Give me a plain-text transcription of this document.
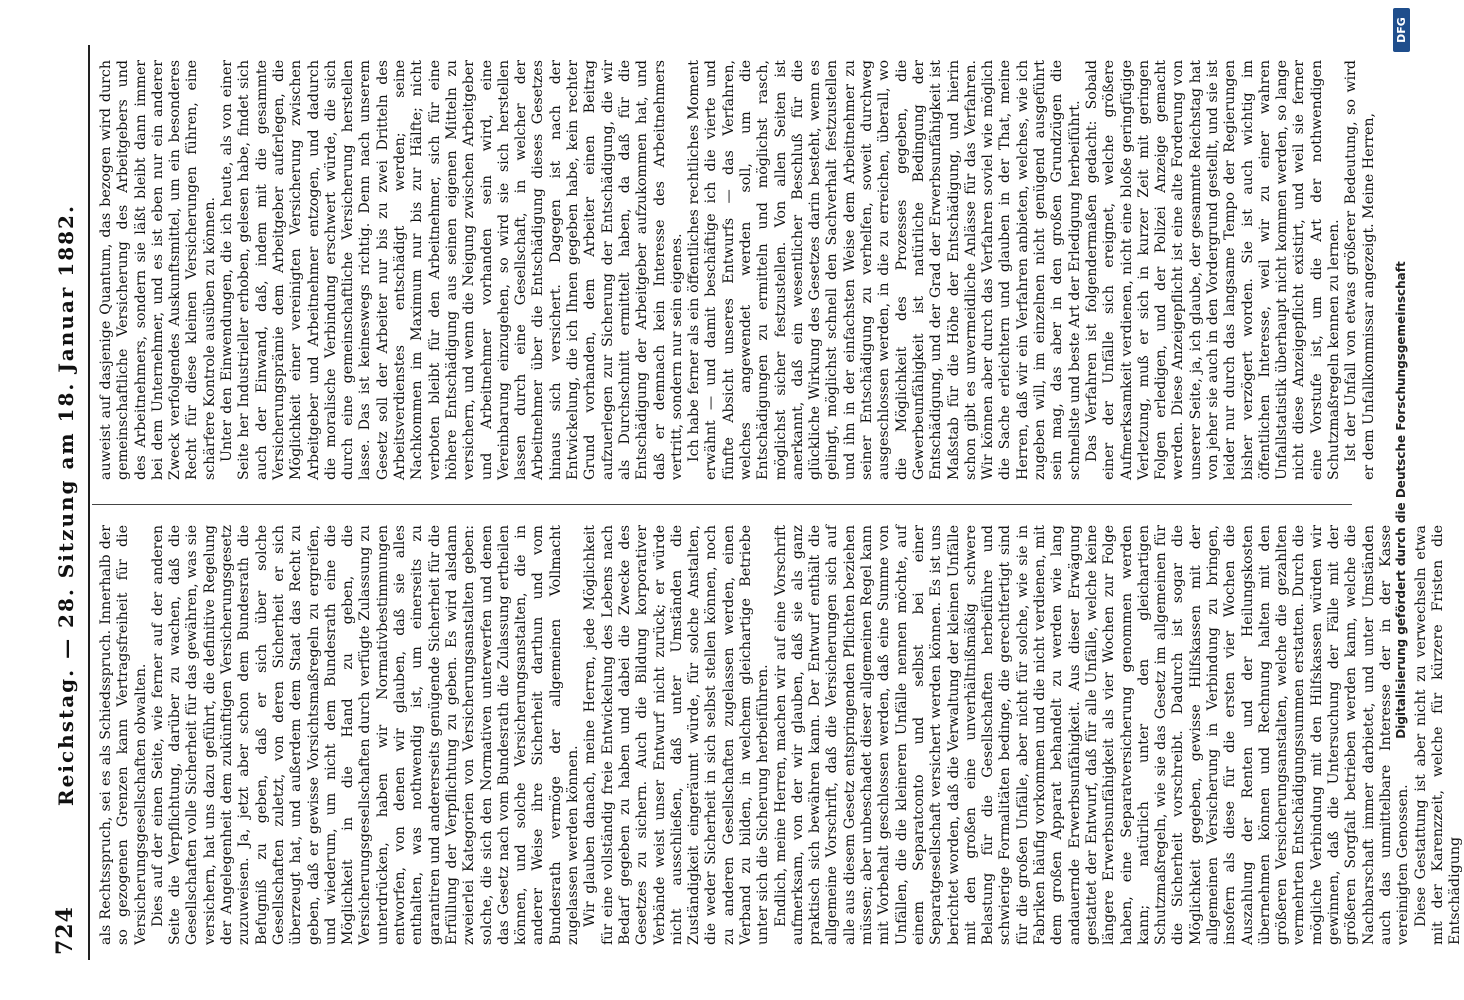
724
Reichstag. — 28. Sitzung am 18. Januar 1882. als Rechtsspruch, sei es als Schiedsspruch. Innerhalb der so gezogenen Grenzen kann Vertragsfreiheit für die Versicherungsgesellschaften obwalten. Dies auf der einen Seite, wie ferner auf der anderen Seite die Verpflichtung, darüber zu wachen, daß die Gesellschaften volle Sicherheit für das gewähren, was sie versichern, hat uns dazu geführt, die definitive Regelung der Angelegenheit dem zukünftigen Versicherungsgesetz zuzuweisen. Ja, jetzt aber schon dem Bundesrath die Befugniß zu geben, daß er sich über solche Gesellschaften zuletzt, von deren Sicherheit er sich überzeugt hat, und außerdem dem Staat das Recht zu geben, daß er gewisse Vorsichtsmaßregeln zu ergreifen, und wiederum, um nicht dem Bundesrath eine die Möglichkeit in die Hand zu geben, die Versicherungsgesellschaften durch verfügte Zulassung zu unterdrücken, haben wir Normativbestimmungen entworfen, von denen wir glauben, daß sie alles enthalten, was nothwendig ist, um einerseits zu garantiren und andererseits genügende Sicherheit für die Erfüllung der Verpflichtung zu geben. Es wird alsdann zweierlei Kategorien von Versicherungsanstalten geben: solche, die sich den Normativen unterwerfen und denen das Gesetz nach vom Bundesrath die Zulassung ertheilen können, und solche Versicherungsanstalten, die in anderer Weise ihre Sicherheit darthun und vom Bundesrath vermöge der allgemeinen Vollmacht zugelassen werden können. Wir glauben danach, meine Herren, jede Möglichkeit für eine vollständig freie Entwickelung des Lebens nach Bedarf gegeben zu haben und dabei die Zwecke des Gesetzes zu sichern. Auch die Bildung korporativer Verbände weist unser Entwurf nicht zurück; er würde nicht ausschließen, daß unter Umständen die Zuständigkeit eingeräumt würde, für solche Anstalten, die weder Sicherheit in sich selbst stellen können, noch zu anderen Gesellschaften zugelassen werden, einen Verband zu bilden, in welchem gleichartige Betriebe unter sich die Sicherung herbeiführen. Endlich, meine Herren, machen wir auf eine Vorschrift aufmerksam, von der wir glauben, daß sie als ganz praktisch sich bewähren kann. Der Entwurf enthält die allgemeine Vorschrift, daß die Versicherungen sich auf alle aus diesem Gesetz entspringenden Pflichten beziehen müssen; aber unbeschadet dieser allgemeinen Regel kann mit Vorbehalt geschlossen werden, daß eine Summe von Unfällen, die die kleineren Unfälle nennen möchte, auf einem Separatconto und selbst bei einer Separatgesellschaft versichert werden können. Es ist uns berichtet worden, daß die Verwaltung der kleinen Unfälle mit den großen eine unverhältnißmäßig schwere Belastung für die Gesellschaften herbeiführe und schwierige Formalitäten bedinge, die gerechtfertigt sind für die großen Unfälle, aber nicht für solche, wie sie in Fabriken häufig vorkommen und die nicht verdienen, mit dem großen Apparat behandelt zu werden wie lang andauernde Erwerbsunfähigkeit. Aus dieser Erwägung gestattet der Entwurf, daß für alle Unfälle, welche keine längere Erwerbsunfähigkeit als vier Wochen zur Folge haben, eine Separatversicherung genommen werden kann; natürlich unter den gleichartigen Schutzmaßregeln, wie sie das Gesetz im allgemeinen für die Sicherheit vorschreibt. Dadurch ist sogar die Möglichkeit gegeben, gewisse Hilfskassen mit der allgemeinen Versicherung in Verbindung zu bringen, insofern als diese für die ersten vier Wochen die Auszahlung der Renten und der Heilungskosten übernehmen können und Rechnung halten mit den größeren Versicherungsanstalten, welche die gezahlten vermehrten Entschädigungssummen erstatten. Durch die mögliche Verbindung mit den Hilfskassen würden wir gewinnen, daß die Untersuchung der Fälle mit der größeren Sorgfalt betrieben werden kann, welche die Nachbarschaft immer darbietet, und unter Umständen auch das unmittelbare Interesse der in der Kasse vereinigten Genossen. Diese Gestattung ist aber nicht zu verwechseln etwa mit der Karenzzeit, welche für kürzere Fristen die Entschädigung

auweist auf dasjenige Quantum, das bezogen wird durch gemeinschaftliche Versicherung des Arbeitgebers und des Arbeitnehmers, sondern sie läßt bleibt dann immer bei dem Unternehmer, und es ist eben nur ein anderer Zweck verfolgendes Auskunftsmittel, um ein besonderes Recht für diese kleinen Versicherungen führen, eine schärfere Kontrole ausüben zu können. Unter den Einwendungen, die ich heute, als von einer Seite her Industrieller erhoben, gelesen habe, findet sich auch der Einwand, daß, indem mit die gesammte Versicherungsprämie dem Arbeitgeber auferlegen, die Möglichkeit einer vereinigten Versicherung zwischen Arbeitgeber und Arbeitnehmer entzogen, und dadurch die moralische Verbindung erschwert würde, die sich durch eine gemeinschaftliche Versicherung herstellen lasse. Das ist keineswegs richtig. Denn nach unserem Gesetz soll der Arbeiter nur bis zu zwei Dritteln des Arbeitsverdienstes entschädigt werden; seine Nachkommen im Maximum nur bis zur Hälfte; nicht verboten bleibt für den Arbeitnehmer, sich für eine höhere Entschädigung aus seinen eigenen Mitteln zu versichern, und wenn die Neigung zwischen Arbeitgeber und Arbeitnehmer vorhanden sein wird, eine Vereinbarung einzugehen, so wird sie sich herstellen lassen durch eine Gesellschaft, in welcher der Arbeitnehmer über die Entschädigung dieses Gesetzes hinaus sich versichert. Dagegen ist nach der Entwickelung, die ich Ihnen gegeben habe, kein rechter Grund vorhanden, dem Arbeiter einen Beitrag aufzuerlegen zur Sicherung der Entschädigung, die wir als Durchschnitt ermittelt haben, da daß für die Entschädigung der Arbeitgeber aufzukommen hat, und daß er demnach kein Interesse des Arbeitnehmers vertritt, sondern nur sein eigenes. Ich habe ferner als ein öffentliches rechtliches Moment erwähnt — und damit beschäftige ich die vierte und fünfte Absicht unseres Entwurfs — das Verfahren, welches angewendet werden soll, um die Entschädigungen zu ermitteln und möglichst rasch, möglichst sicher festzustellen. Von allen Seiten ist anerkannt, daß ein wesentlicher Beschluß für die glückliche Wirkung des Gesetzes darin besteht, wenn es gelingt, möglichst schnell den Sachverhalt festzustellen und ihn in der einfachsten Weise dem Arbeitnehmer zu seiner Entschädigung zu verhelfen, soweit durchweg ausgeschlossen werden, in die zu erreichen, überall, wo die Möglichkeit des Prozesses gegeben, die Gewerbeunfähigkeit ist natürliche Bedingung der Entschädigung, und der Grad der Erwerbsunfähigkeit ist Maßstab für die Höhe der Entschädigung, und hierin schon gibt es unvermeidliche Anlässe für das Verfahren. Wir können aber durch das Verfahren soviel wie möglich die Sache erleichtern und glauben in der That, meine Herren, daß wir ein Verfahren anbieten, welches, wie ich zugeben will, im einzelnen nicht genügend ausgeführt sein mag, das aber in den großen Grundzügen die schnellste und beste Art der Erledigung herbeiführt. Das Verfahren ist folgendermaßen gedacht: Sobald einer der Unfälle sich ereignet, welche größere Aufmerksamkeit verdienen, nicht eine bloße geringfügige Verletzung, muß er sich in kurzer Zeit mit geringen Folgen erledigen, und der Polizei Anzeige gemacht werden. Diese Anzeigepflicht ist eine alte Forderung von unserer Seite, ja, ich glaube, der gesammte Reichstag hat von jeher sie auch in den Vordergrund gestellt, und sie ist leider nur durch das langsame Tempo der Regierungen bisher verzögert worden. Sie ist auch wichtig im öffentlichen Interesse, weil wir zu einer wahren Unfallstatistik überhaupt nicht kommen werden, so lange nicht diese Anzeigepflicht existirt, und weil sie ferner eine Vorstufe ist, um die Art der nothwendigen Schutzmaßregeln kennen zu lernen. Ist der Unfall von etwas größerer Bedeutung, so wird er dem Unfallkommissar angezeigt. Meine Herren, Digitalisierung gefördert durch die Deutsche Forschungsgemeinschaft
DFG
